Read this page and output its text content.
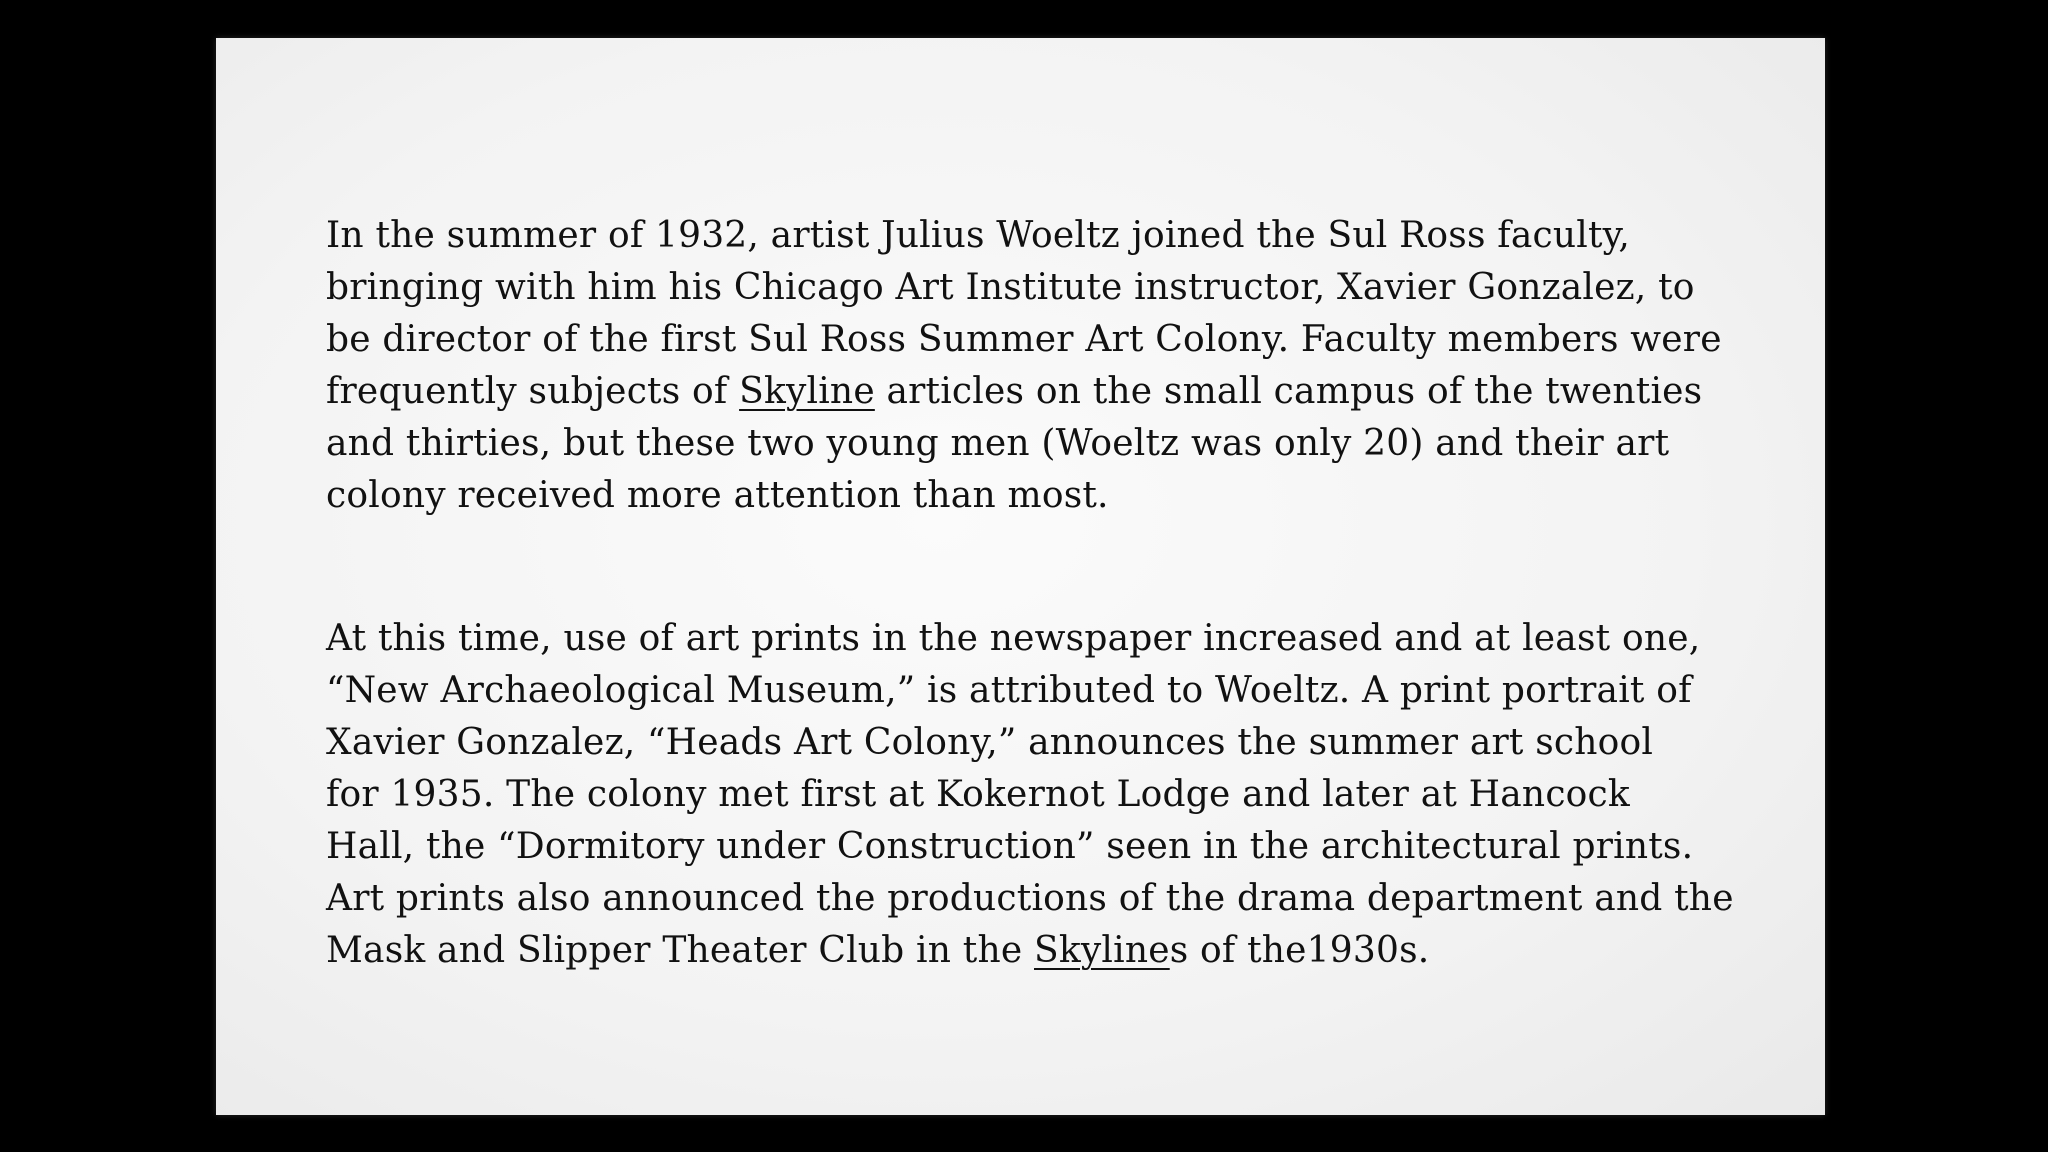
In the summer of 1932, artist Julius Woeltz joined the Sul Ross faculty,
bringing with him his Chicago Art Institute instructor, Xavier Gonzalez, to
be director of the first Sul Ross Summer Art Colony. Faculty members were
frequently subjects of Skyline articles on the small campus of the twenties
and thirties, but these two young men (Woeltz was only 20) and their art
colony received more attention than most.

At this time, use of art prints in the newspaper increased and at least one,
“New Archaeological Museum,” is attributed to Woeltz. A print portrait of
Xavier Gonzalez, “Heads Art Colony,” announces the summer art school
for 1935. The colony met first at Kokernot Lodge and later at Hancock
Hall, the “Dormitory under Construction” seen in the architectural prints.
Art prints also announced the productions of the drama department and the
Mask and Slipper Theater Club in the Skylines of the1930s.
